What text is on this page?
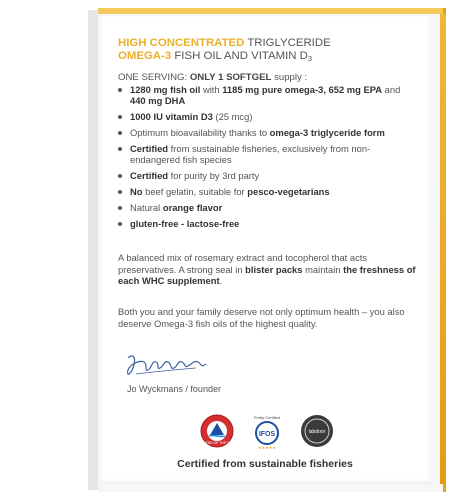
HIGH CONCENTRATED TRIGLYCERIDE
OMEGA-3 FISH OIL AND VITAMIN $D_3$
ONE SERVING: ONLY 1 SOFTGEL supply :
1280 mg fish oil with 1185 mg pure omega-3, 652 mg EPA and 440 mg DHA
1000 IU vitamin D3 (25 mcg)
Optimum bioavailability thanks to omega-3 triglyceride form
Certified from sustainable fisheries, exclusively from non-endangered fish species
Certified for purity by 3rd party
No beef gelatin, suitable for pesco-vegetarians
Natural orange flavor
gluten-free - lactose-free
A balanced mix of rosemary extract and tocopherol that acts preservatives. A strong seal in blister packs maintain the freshness of each WHC supplement.
Both you and your family deserve not only optimum health – you also deserve Omega-3 fish oils of the highest quality.
Jo Wyckmans / founder
FRIEND OF THE SEA
Purity Certified
IFOS
★★★★★
labdoor
Certified from sustainable fisheries
